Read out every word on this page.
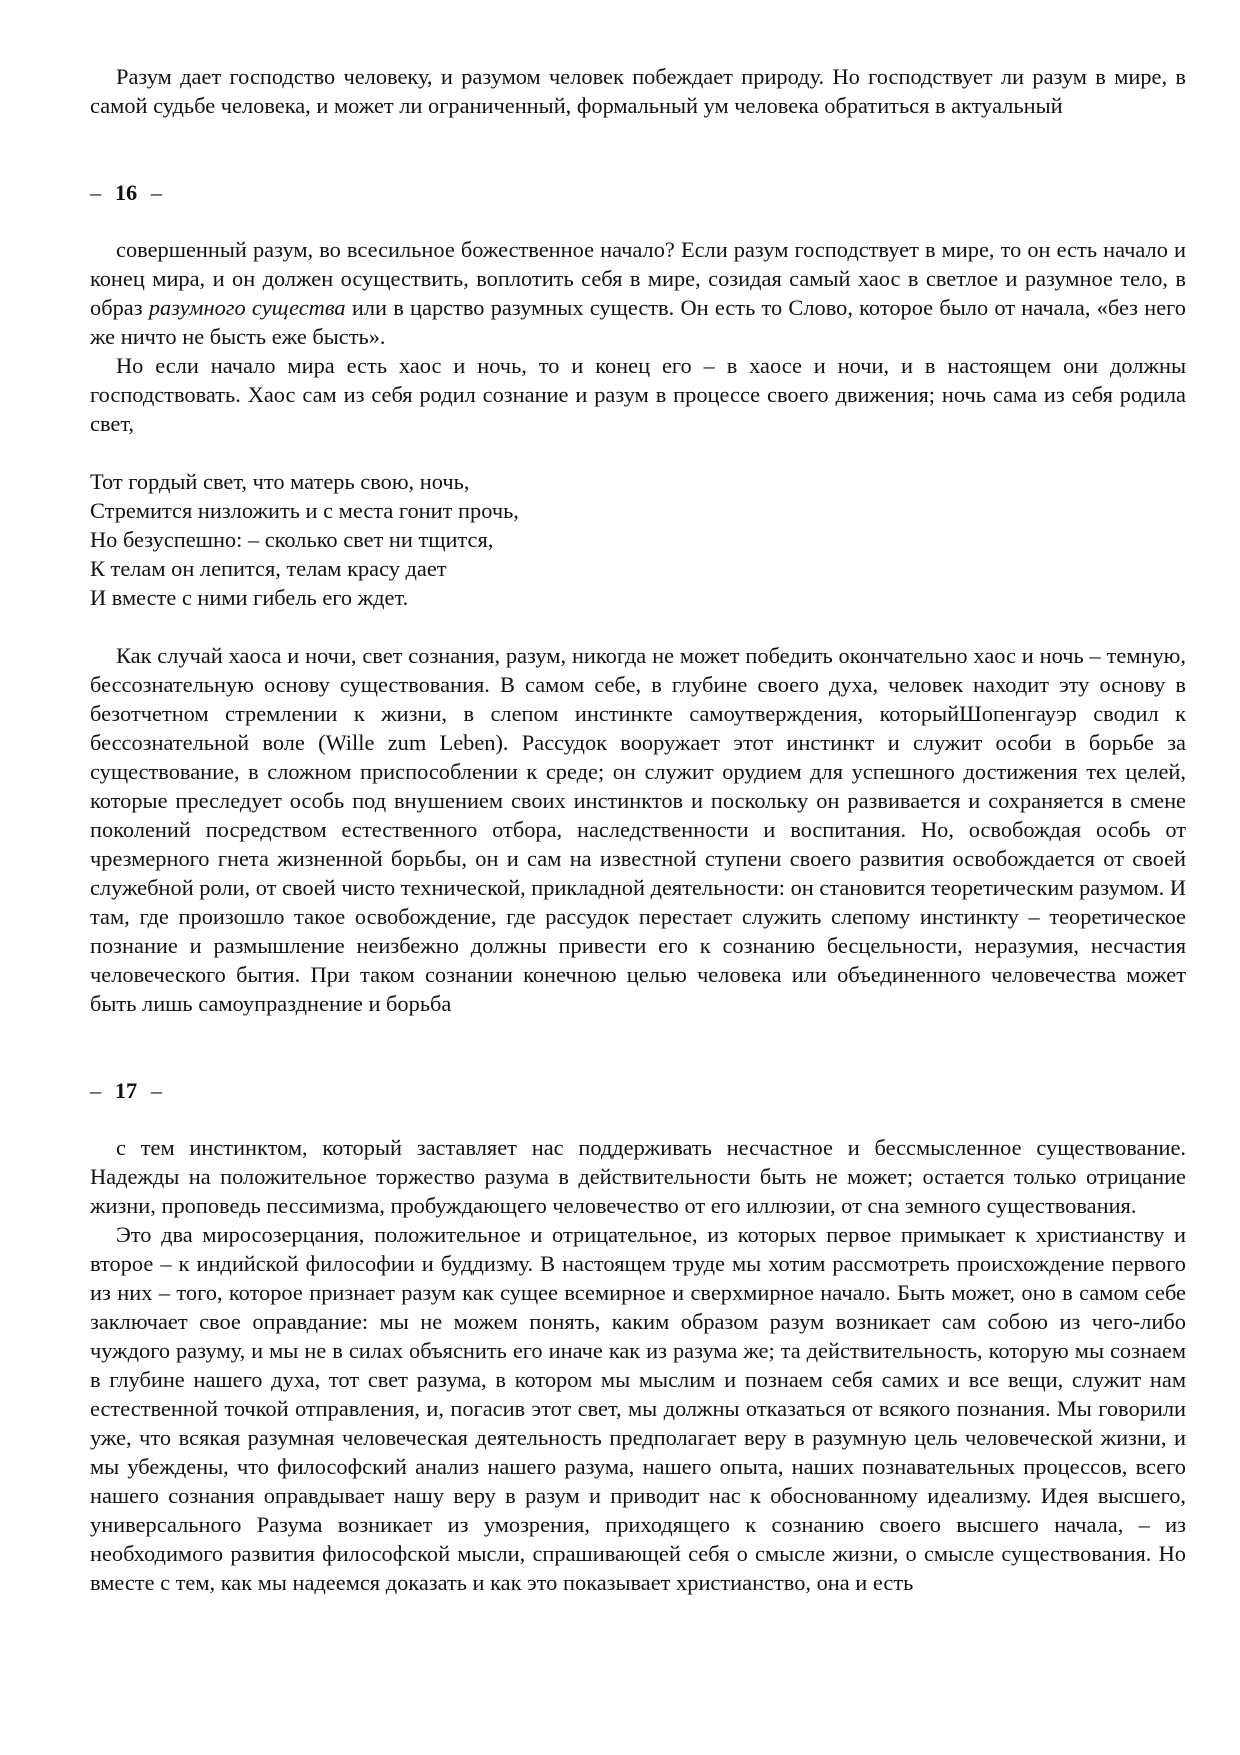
Разум дает господство человеку, и разумом человек побеждает природу. Но господствует ли разум в мире, в самой судьбе человека, и может ли ограниченный, формальный ум человека обратиться в актуальный

– 16 –

совершенный разум, во всесильное божественное начало? Если разум господствует в мире, то он есть начало и конец мира, и он должен осуществить, воплотить себя в мире, созидая самый хаос в светлое и разумное тело, в образ разумного существа или в царство разумных существ. Он есть то Слово, которое было от начала, «без него же ничто не бысть еже бысть».

Но если начало мира есть хаос и ночь, то и конец его – в хаосе и ночи, и в настоящем они должны господствовать. Хаос сам из себя родил сознание и разум в процессе своего движения; ночь сама из себя родила свет,

Тот гордый свет, что матерь свою, ночь,
Стремится низложить и с места гонит прочь,
Но безуспешно: – сколько свет ни тщится,
К телам он лепится, телам красу дает
И вместе с ними гибель его ждет.

Как случай хаоса и ночи, свет сознания, разум, никогда не может победить окончательно хаос и ночь – темную, бессознательную основу существования. В самом себе, в глубине своего духа, человек находит эту основу в безотчетном стремлении к жизни, в слепом инстинкте самоутверждения, которыйШопенгауэр сводил к бессознательной воле (Wille zum Leben). Рассудок вооружает этот инстинкт и служит особи в борьбе за существование, в сложном приспособлении к среде; он служит орудием для успешного достижения тех целей, которые преследует особь под внушением своих инстинктов и поскольку он развивается и сохраняется в смене поколений посредством естественного отбора, наследственности и воспитания. Но, освобождая особь от чрезмерного гнета жизненной борьбы, он и сам на известной ступени своего развития освобождается от своей служебной роли, от своей чисто технической, прикладной деятельности: он становится теоретическим разумом. И там, где произошло такое освобождение, где рассудок перестает служить слепому инстинкту – теоретическое познание и размышление неизбежно должны привести его к сознанию бесцельности, неразумия, несчастия человеческого бытия. При таком сознании конечною целью человека или объединенного человечества может быть лишь самоупразднение и борьба

– 17 –

с тем инстинктом, который заставляет нас поддерживать несчастное и бессмысленное существование. Надежды на положительное торжество разума в действительности быть не может; остается только отрицание жизни, проповедь пессимизма, пробуждающего человечество от его иллюзии, от сна земного существования.

Это два миросозерцания, положительное и отрицательное, из которых первое примыкает к христианству и второе – к индийской философии и буддизму. В настоящем труде мы хотим рассмотреть происхождение первого из них – того, которое признает разум как сущее всемирное и сверхмирное начало. Быть может, оно в самом себе заключает свое оправдание: мы не можем понять, каким образом разум возникает сам собою из чего-либо чуждого разуму, и мы не в силах объяснить его иначе как из разума же; та действительность, которую мы сознаем в глубине нашего духа, тот свет разума, в котором мы мыслим и познаем себя самих и все вещи, служит нам естественной точкой отправления, и, погасив этот свет, мы должны отказаться от всякого познания. Мы говорили уже, что всякая разумная человеческая деятельность предполагает веру в разумную цель человеческой жизни, и мы убеждены, что философский анализ нашего разума, нашего опыта, наших познавательных процессов, всего нашего сознания оправдывает нашу веру в разум и приводит нас к обоснованному идеализму. Идея высшего, универсального Разума возникает из умозрения, приходящего к сознанию своего высшего начала, – из необходимого развития философской мысли, спрашивающей себя о смысле жизни, о смысле существования. Но вместе с тем, как мы надеемся доказать и как это показывает христианство, она и есть
